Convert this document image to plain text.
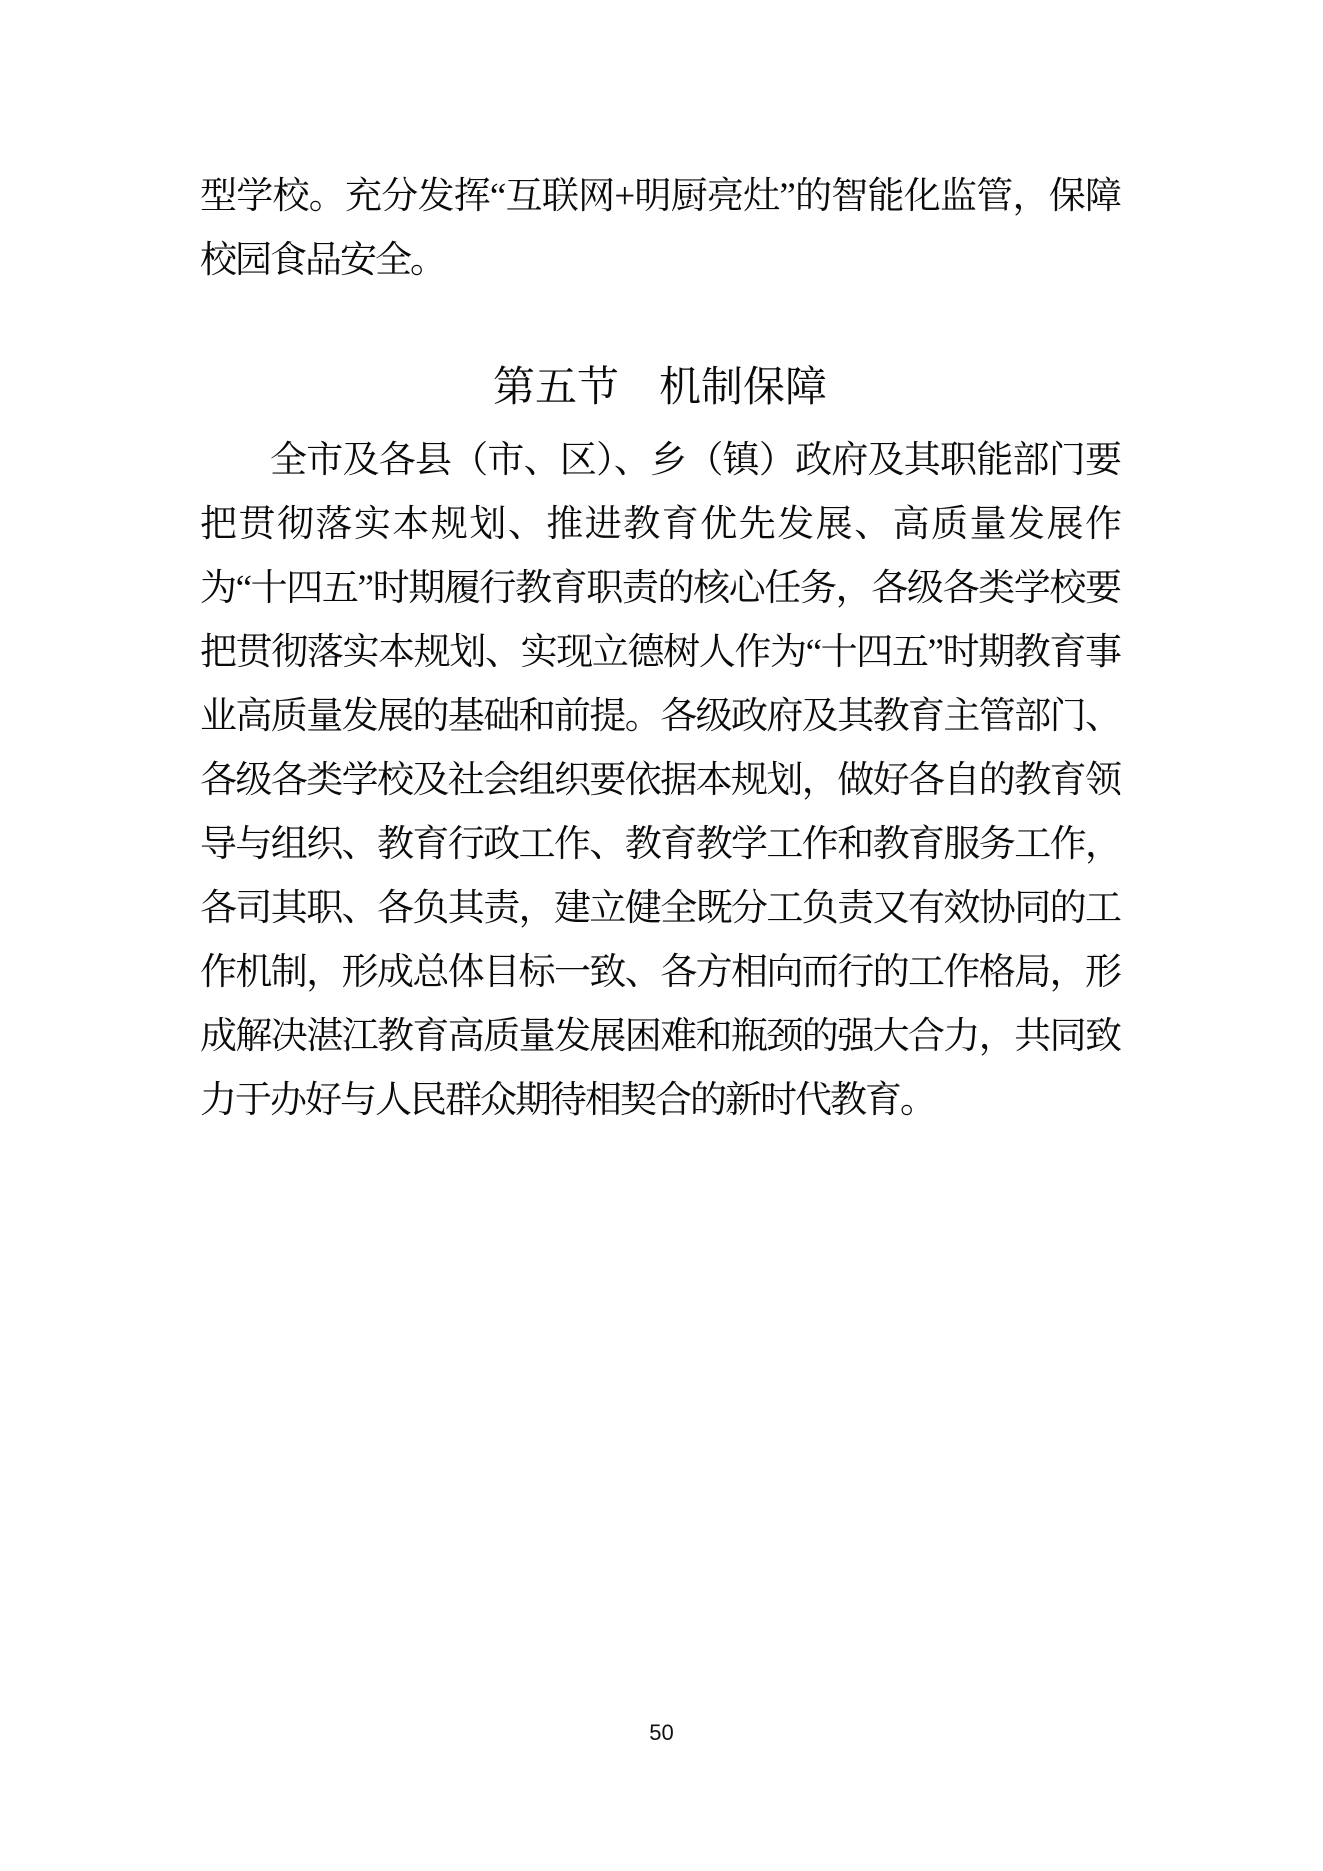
型学校。充分发挥“互联网+明厨亮灶”的智能化监管，保障校园食品安全。

第五节 机制保障

全市及各县（市、区）、乡（镇）政府及其职能部门要把贯彻落实本规划、推进教育优先发展、高质量发展作为“十四五”时期履行教育职责的核心任务，各级各类学校要把贯彻落实本规划、实现立德树人作为“十四五”时期教育事业高质量发展的基础和前提。各级政府及其教育主管部门、各级各类学校及社会组织要依据本规划，做好各自的教育领导与组织、教育行政工作、教育教学工作和教育服务工作，各司其职、各负其责，建立健全既分工负责又有效协同的工作机制，形成总体目标一致、各方相向而行的工作格局，形成解决湛江教育高质量发展困难和瓶颈的强大合力，共同致力于办好与人民群众期待相契合的新时代教育。

50
